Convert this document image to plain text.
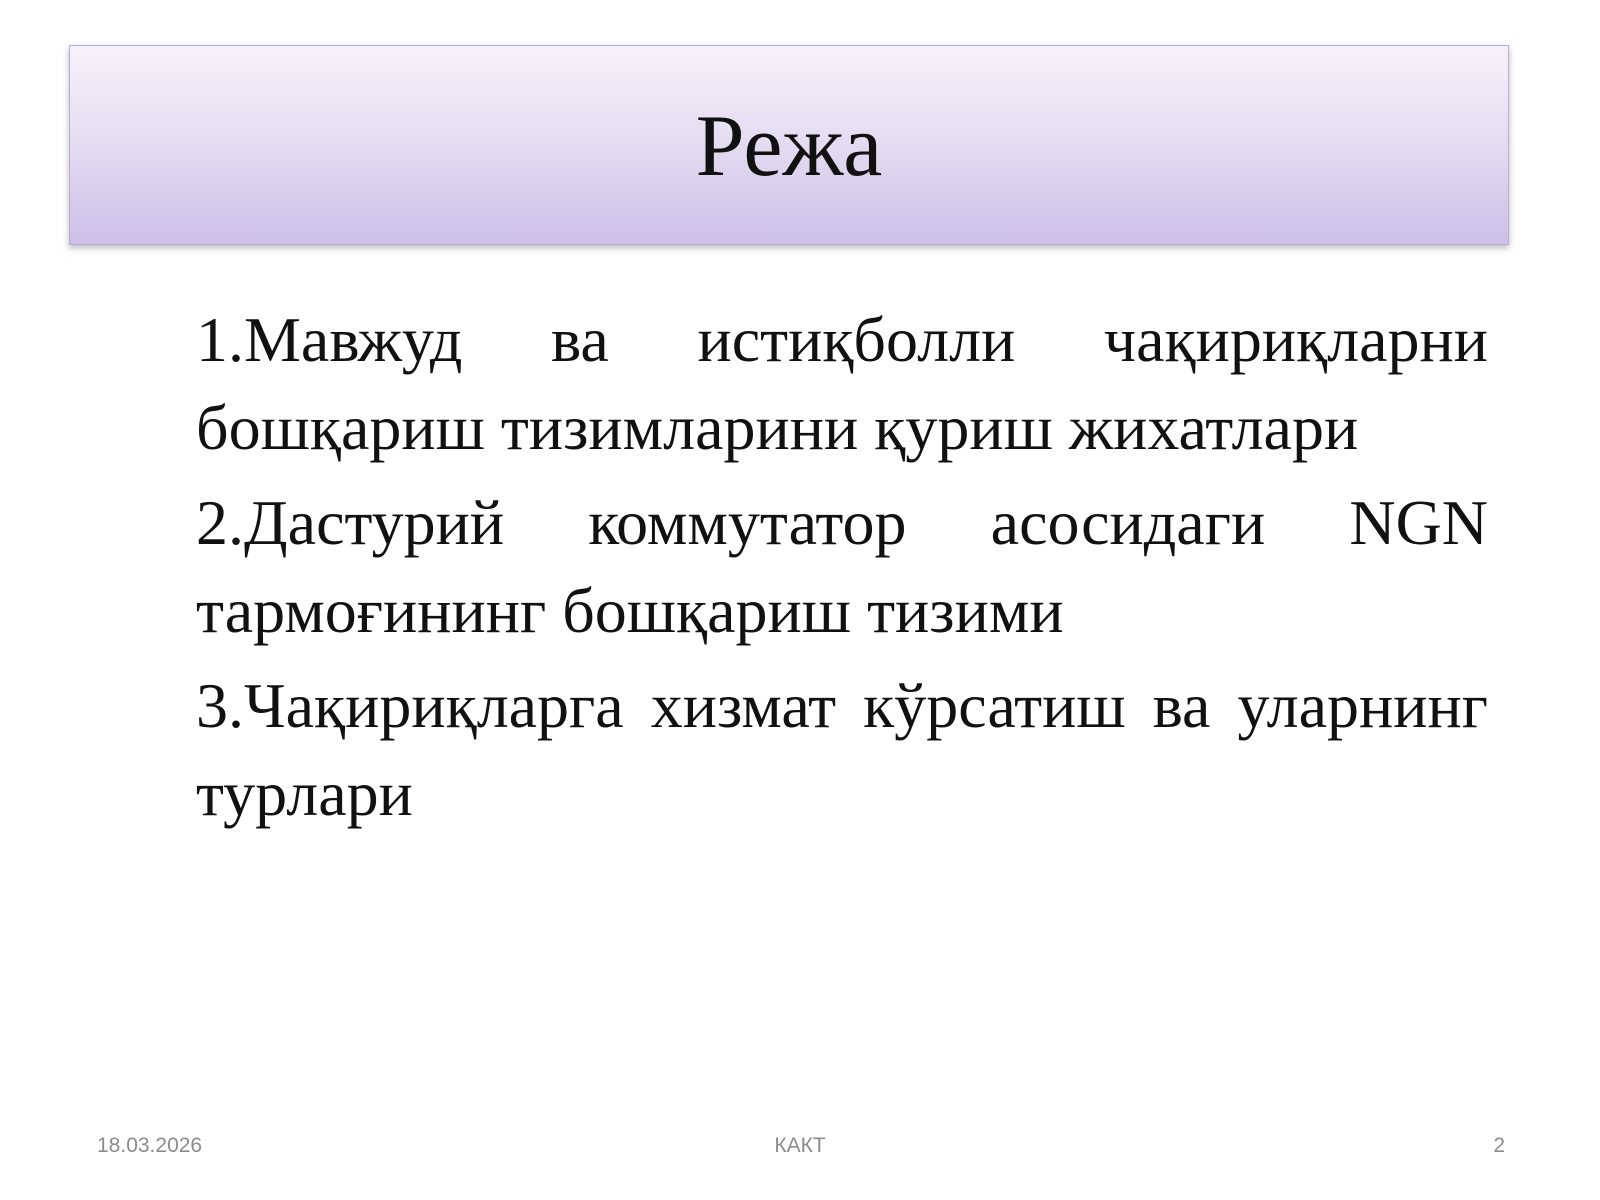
Режа

1.Мавжуд ва истиқболли чақириқларни бошқариш тизимларини қуриш жихатлари

2.Дастурий коммутатор асосидаги NGN тармоғининг бошқариш тизими

3.Чақириқларга хизмат кўрсатиш ва уларнинг турлари

18.03.2026	КАКТ	2
